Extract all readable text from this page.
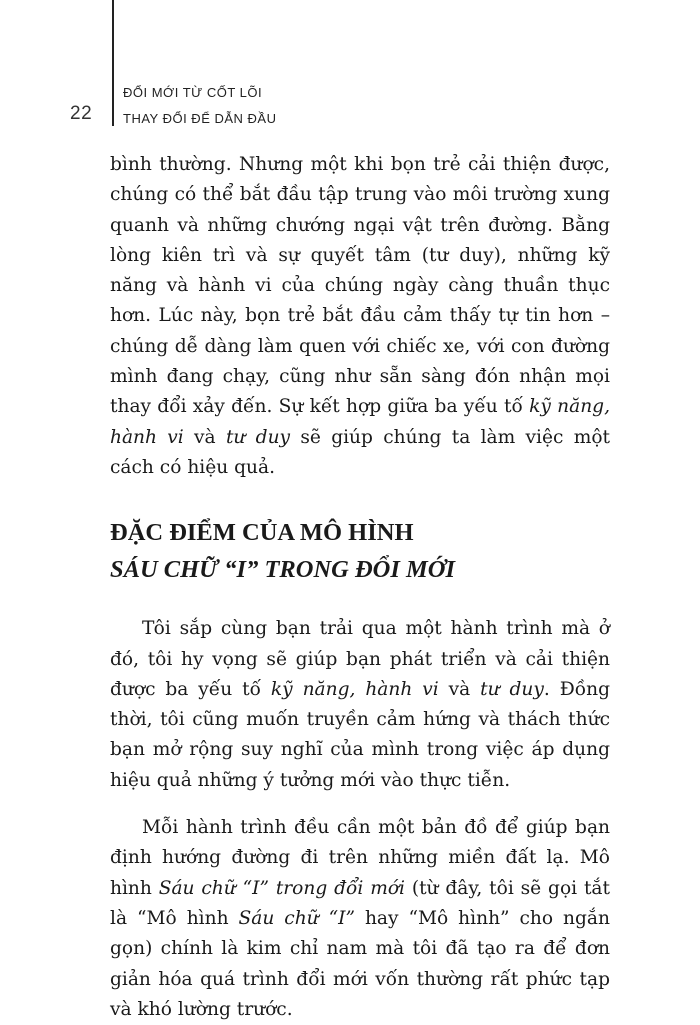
22
ĐỔI MỚI TỪ CỐT LÕI
THAY ĐỔI ĐỂ DẪN ĐẦU

bình thường. Nhưng một khi bọn trẻ cải thiện được, chúng có thể bắt đầu tập trung vào môi trường xung quanh và những chướng ngại vật trên đường. Bằng lòng kiên trì và sự quyết tâm (tư duy), những kỹ năng và hành vi của chúng ngày càng thuần thục hơn. Lúc này, bọn trẻ bắt đầu cảm thấy tự tin hơn – chúng dễ dàng làm quen với chiếc xe, với con đường mình đang chạy, cũng như sẵn sàng đón nhận mọi thay đổi xảy đến. Sự kết hợp giữa ba yếu tố kỹ năng, hành vi và tư duy sẽ giúp chúng ta làm việc một cách có hiệu quả.

ĐẶC ĐIỂM CỦA MÔ HÌNH
SÁU CHỮ “I” TRONG ĐỔI MỚI

Tôi sắp cùng bạn trải qua một hành trình mà ở đó, tôi hy vọng sẽ giúp bạn phát triển và cải thiện được ba yếu tố kỹ năng, hành vi và tư duy. Đồng thời, tôi cũng muốn truyền cảm hứng và thách thức bạn mở rộng suy nghĩ của mình trong việc áp dụng hiệu quả những ý tưởng mới vào thực tiễn.

Mỗi hành trình đều cần một bản đồ để giúp bạn định hướng đường đi trên những miền đất lạ. Mô hình Sáu chữ “I” trong đổi mới (từ đây, tôi sẽ gọi tắt là “Mô hình Sáu chữ “I” hay “Mô hình” cho ngắn gọn) chính là kim chỉ nam mà tôi đã tạo ra để đơn giản hóa quá trình đổi mới vốn thường rất phức tạp và khó lường trước.
